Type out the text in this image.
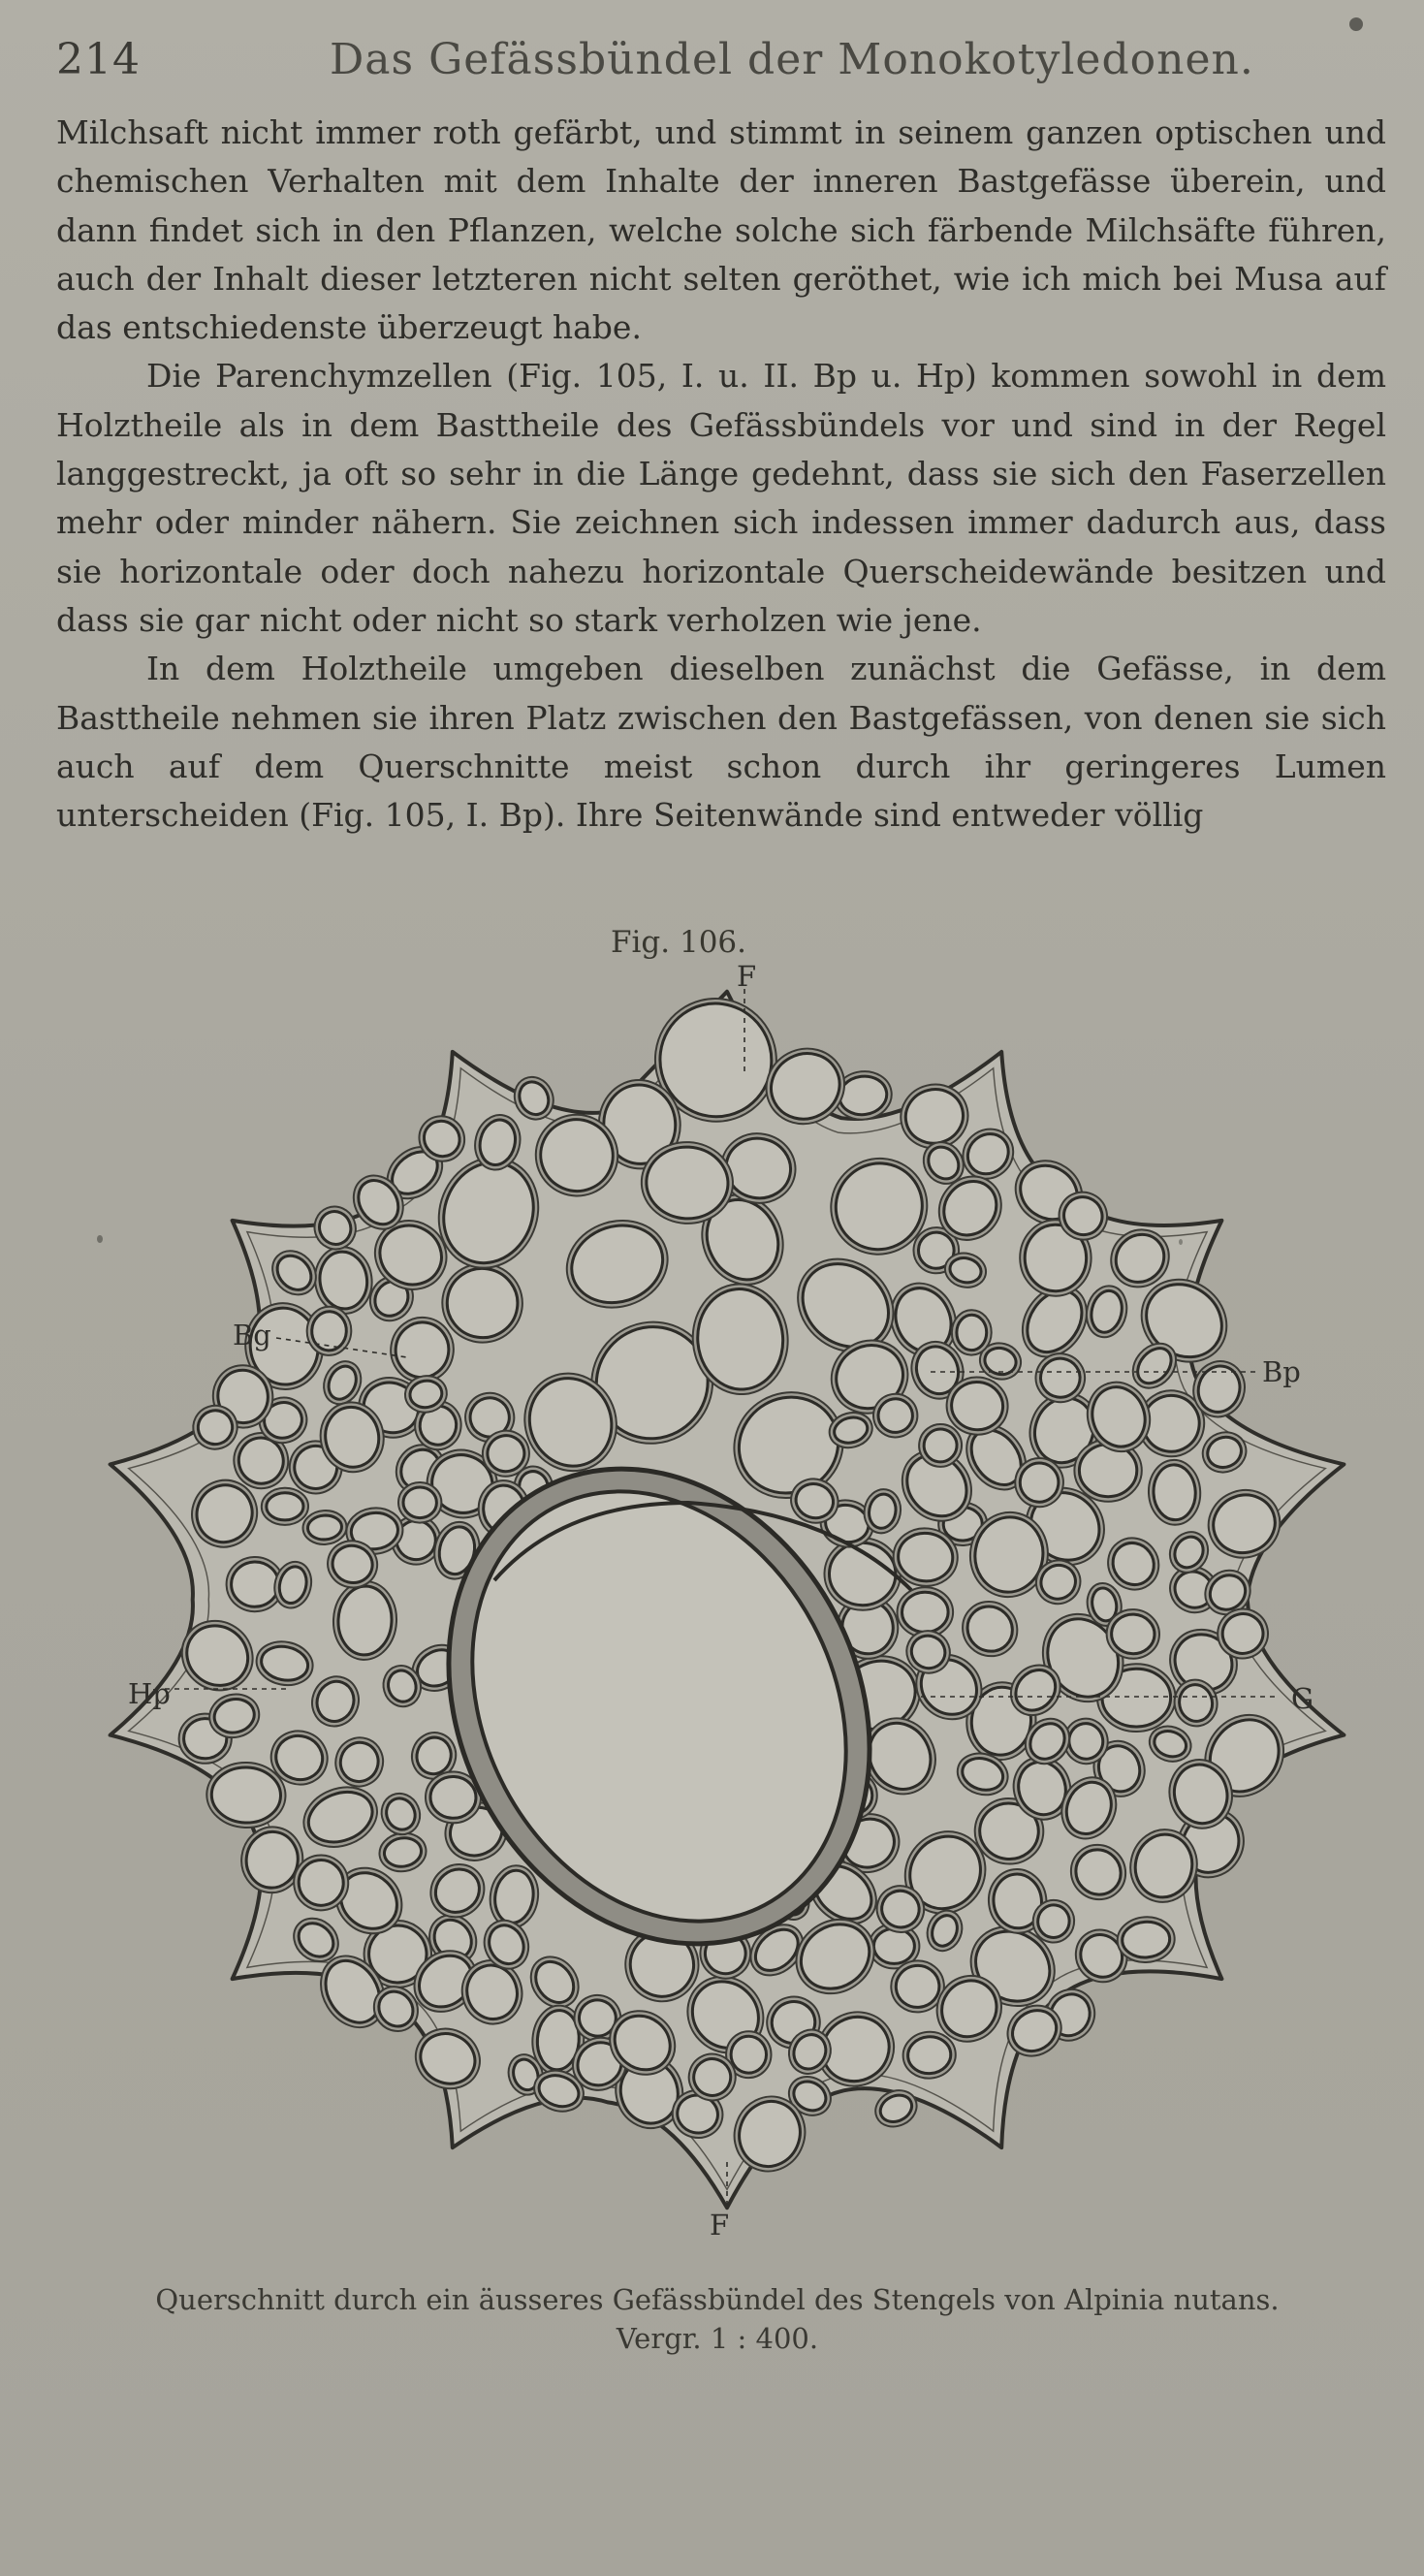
214	Das Gefässbündel der Monokotyledonen.

Milchsaft nicht immer roth gefärbt, und stimmt in seinem ganzen optischen und chemischen Verhalten mit dem Inhalte der inneren Bastgefässe überein, und dann findet sich in den Pflanzen, welche solche sich färbende Milchsäfte führen, auch der Inhalt dieser letzteren nicht selten geröthet, wie ich mich bei Musa auf das entschiedenste überzeugt habe.

Die Parenchymzellen (Fig. 105, I. u. II. Bp u. Hp) kommen sowohl in dem Holztheile als in dem Basttheile des Gefässbündels vor und sind in der Regel langgestreckt, ja oft so sehr in die Länge gedehnt, dass sie sich den Faserzellen mehr oder minder nähern. Sie zeichnen sich indessen immer dadurch aus, dass sie horizontale oder doch nahezu horizontale Querscheidewände besitzen und dass sie gar nicht oder nicht so stark verholzen wie jene.

In dem Holztheile umgeben dieselben zunächst die Gefässe, in dem Basttheile nehmen sie ihren Platz zwischen den Bastgefässen, von denen sie sich auch auf dem Querschnitte meist schon durch ihr geringeres Lumen unterscheiden (Fig. 105, I. Bp). Ihre Seitenwände sind entweder völlig

Fig. 106.
F
F
Bg
Bp
Hp	G
Querschnitt durch ein äusseres Gefässbündel des Stengels von Alpinia nutans.
Vergr. 1 : 400.
